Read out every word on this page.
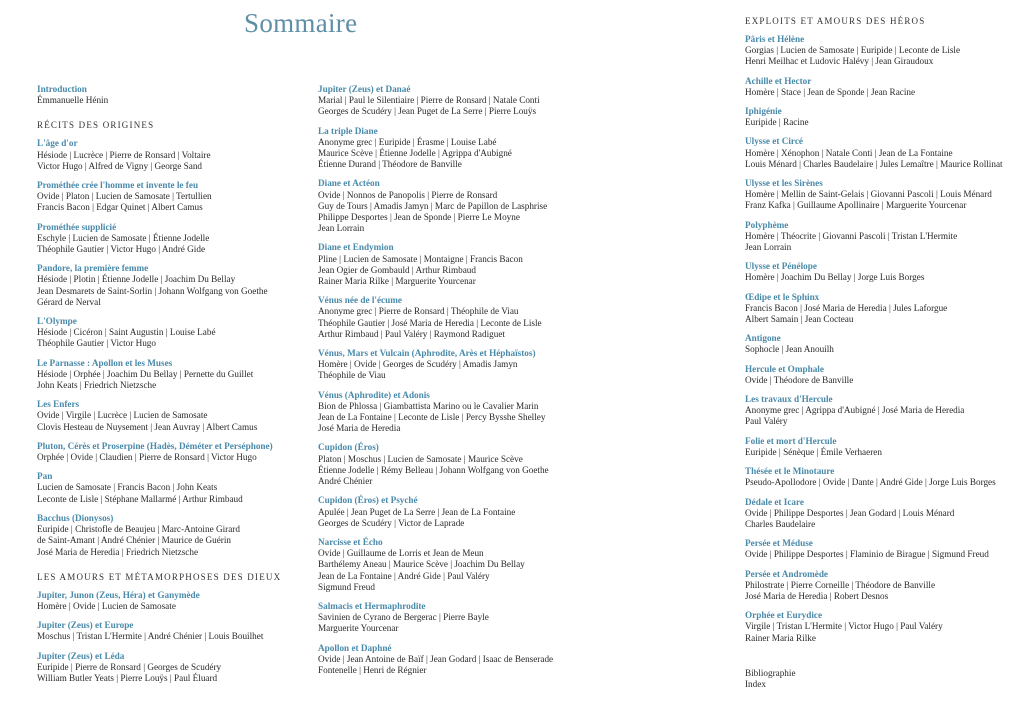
Sommaire
Introduction
Émmanuelle Hénin
RÉCITS DES ORIGINES
L'âge d'or
Hésiode | Lucrèce | Pierre de Ronsard | Voltaire
Victor Hugo | Alfred de Vigny | George Sand
Prométhée crée l'homme et invente le feu
Ovide | Platon | Lucien de Samosate | Tertullien
Francis Bacon | Edgar Quinet | Albert Camus
Prométhée supplicié
Eschyle | Lucien de Samosate | Étienne Jodelle
Théophile Gautier | Victor Hugo | André Gide
Pandore, la première femme
Hésiode | Plotin | Étienne Jodelle | Joachim Du Bellay
Jean Desmarets de Saint-Sorlin | Johann Wolfgang von Goethe
Gérard de Nerval
L'Olympe
Hésiode | Cicéron | Saint Augustin | Louise Labé
Théophile Gautier | Victor Hugo
Le Parnasse : Apollon et les Muses
Hésiode | Orphée | Joachim Du Bellay | Pernette du Guillet
John Keats | Friedrich Nietzsche
Les Enfers
Ovide | Virgile | Lucrèce | Lucien de Samosate
Clovis Hesteau de Nuysement | Jean Auvray | Albert Camus
Pluton, Cérès et Proserpine (Hadès, Déméter et Perséphone)
Orphée | Ovide | Claudien | Pierre de Ronsard | Victor Hugo
Pan
Lucien de Samosate | Francis Bacon | John Keats
Leconte de Lisle | Stéphane Mallarmé | Arthur Rimbaud
Bacchus (Dionysos)
Euripide | Christofle de Beaujeu | Marc-Antoine Girard
de Saint-Amant | André Chénier | Maurice de Guérin
José Maria de Heredia | Friedrich Nietzsche
LES AMOURS ET MÉTAMORPHOSES DES DIEUX
Jupiter, Junon (Zeus, Héra) et Ganymède
Homère | Ovide | Lucien de Samosate
Jupiter (Zeus) et Europe
Moschus | Tristan L'Hermite | André Chénier | Louis Bouilhet
Jupiter (Zeus) et Léda
Euripide | Pierre de Ronsard | Georges de Scudéry
William Butler Yeats | Pierre Louÿs | Paul Éluard
Jupiter (Zeus) et Danaé
Marial | Paul le Silentiaire | Pierre de Ronsard | Natale Conti
Georges de Scudéry | Jean Puget de La Serre | Pierre Louÿs
La triple Diane
Anonyme grec | Euripide | Érasme | Louise Labé
Maurice Scève | Étienne Jodelle | Agrippa d'Aubigné
Étienne Durand | Théodore de Banville
Diane et Actéon
Ovide | Nonnos de Panopolis | Pierre de Ronsard
Guy de Tours | Amadis Jamyn | Marc de Papillon de Lasphrise
Philippe Desportes | Jean de Sponde | Pierre Le Moyne
Jean Lorrain
Diane et Endymion
Pline | Lucien de Samosate | Montaigne | Francis Bacon
Jean Ogier de Gombauld | Arthur Rimbaud
Rainer Maria Rilke | Marguerite Yourcenar
Vénus née de l'écume
Anonyme grec | Pierre de Ronsard | Théophile de Viau
Théophile Gautier | José Maria de Heredia | Leconte de Lisle
Arthur Rimbaud | Paul Valéry | Raymond Radiguet
Vénus, Mars et Vulcain (Aphrodite, Arès et Héphaïstos)
Homère | Ovide | Georges de Scudéry | Amadis Jamyn
Théophile de Viau
Vénus (Aphrodite) et Adonis
Bion de Phlossa | Giambattista Marino ou le Cavalier Marin
Jean de La Fontaine | Leconte de Lisle | Percy Bysshe Shelley
José Maria de Heredia
Cupidon (Éros)
Platon | Moschus | Lucien de Samosate | Maurice Scève
Étienne Jodelle | Rémy Belleau | Johann Wolfgang von Goethe
André Chénier
Cupidon (Éros) et Psyché
Apulée | Jean Puget de La Serre | Jean de La Fontaine
Georges de Scudéry | Victor de Laprade
Narcisse et Écho
Ovide | Guillaume de Lorris et Jean de Meun
Barthélemy Aneau | Maurice Scève | Joachim Du Bellay
Jean de La Fontaine | André Gide | Paul Valéry
Sigmund Freud
Salmacis et Hermaphrodite
Savinien de Cyrano de Bergerac | Pierre Bayle
Marguerite Yourcenar
Apollon et Daphné
Ovide | Jean Antoine de Baïf | Jean Godard | Isaac de Benserade
Fontenelle | Henri de Régnier
EXPLOITS ET AMOURS DES HÉROS
Pâris et Hélène
Gorgias | Lucien de Samosate | Euripide | Leconte de Lisle
Henri Meilhac et Ludovic Halévy | Jean Giraudoux
Achille et Hector
Homère | Stace | Jean de Sponde | Jean Racine
Iphigénie
Euripide | Racine
Ulysse et Circé
Homère | Xénophon | Natale Conti | Jean de La Fontaine
Louis Ménard | Charles Baudelaire | Jules Lemaître | Maurice Rollinat
Ulysse et les Sirènes
Homère | Mellin de Saint-Gelais | Giovanni Pascoli | Louis Ménard
Franz Kafka | Guillaume Apollinaire | Marguerite Yourcenar
Polyphème
Homère | Théocrite | Giovanni Pascoli | Tristan L'Hermite
Jean Lorrain
Ulysse et Pénélope
Homère | Joachim Du Bellay | Jorge Luis Borges
Œdipe et le Sphinx
Francis Bacon | José Maria de Heredia | Jules Laforgue
Albert Samain | Jean Cocteau
Antigone
Sophocle | Jean Anouilh
Hercule et Omphale
Ovide | Théodore de Banville
Les travaux d'Hercule
Anonyme grec | Agrippa d'Aubigné | José Maria de Heredia
Paul Valéry
Folie et mort d'Hercule
Euripide | Sénèque | Émile Verhaeren
Thésée et le Minotaure
Pseudo-Apollodore | Ovide | Dante | André Gide | Jorge Luis Borges
Dédale et Icare
Ovide | Philippe Desportes | Jean Godard | Louis Ménard
Charles Baudelaire
Persée et Méduse
Ovide | Philippe Desportes | Flaminio de Birague | Sigmund Freud
Persée et Andromède
Philostrate | Pierre Corneille | Théodore de Banville
José Maria de Heredia | Robert Desnos
Orphée et Eurydice
Virgile | Tristan L'Hermite | Victor Hugo | Paul Valéry
Rainer Maria Rilke
Bibliographie
Index
